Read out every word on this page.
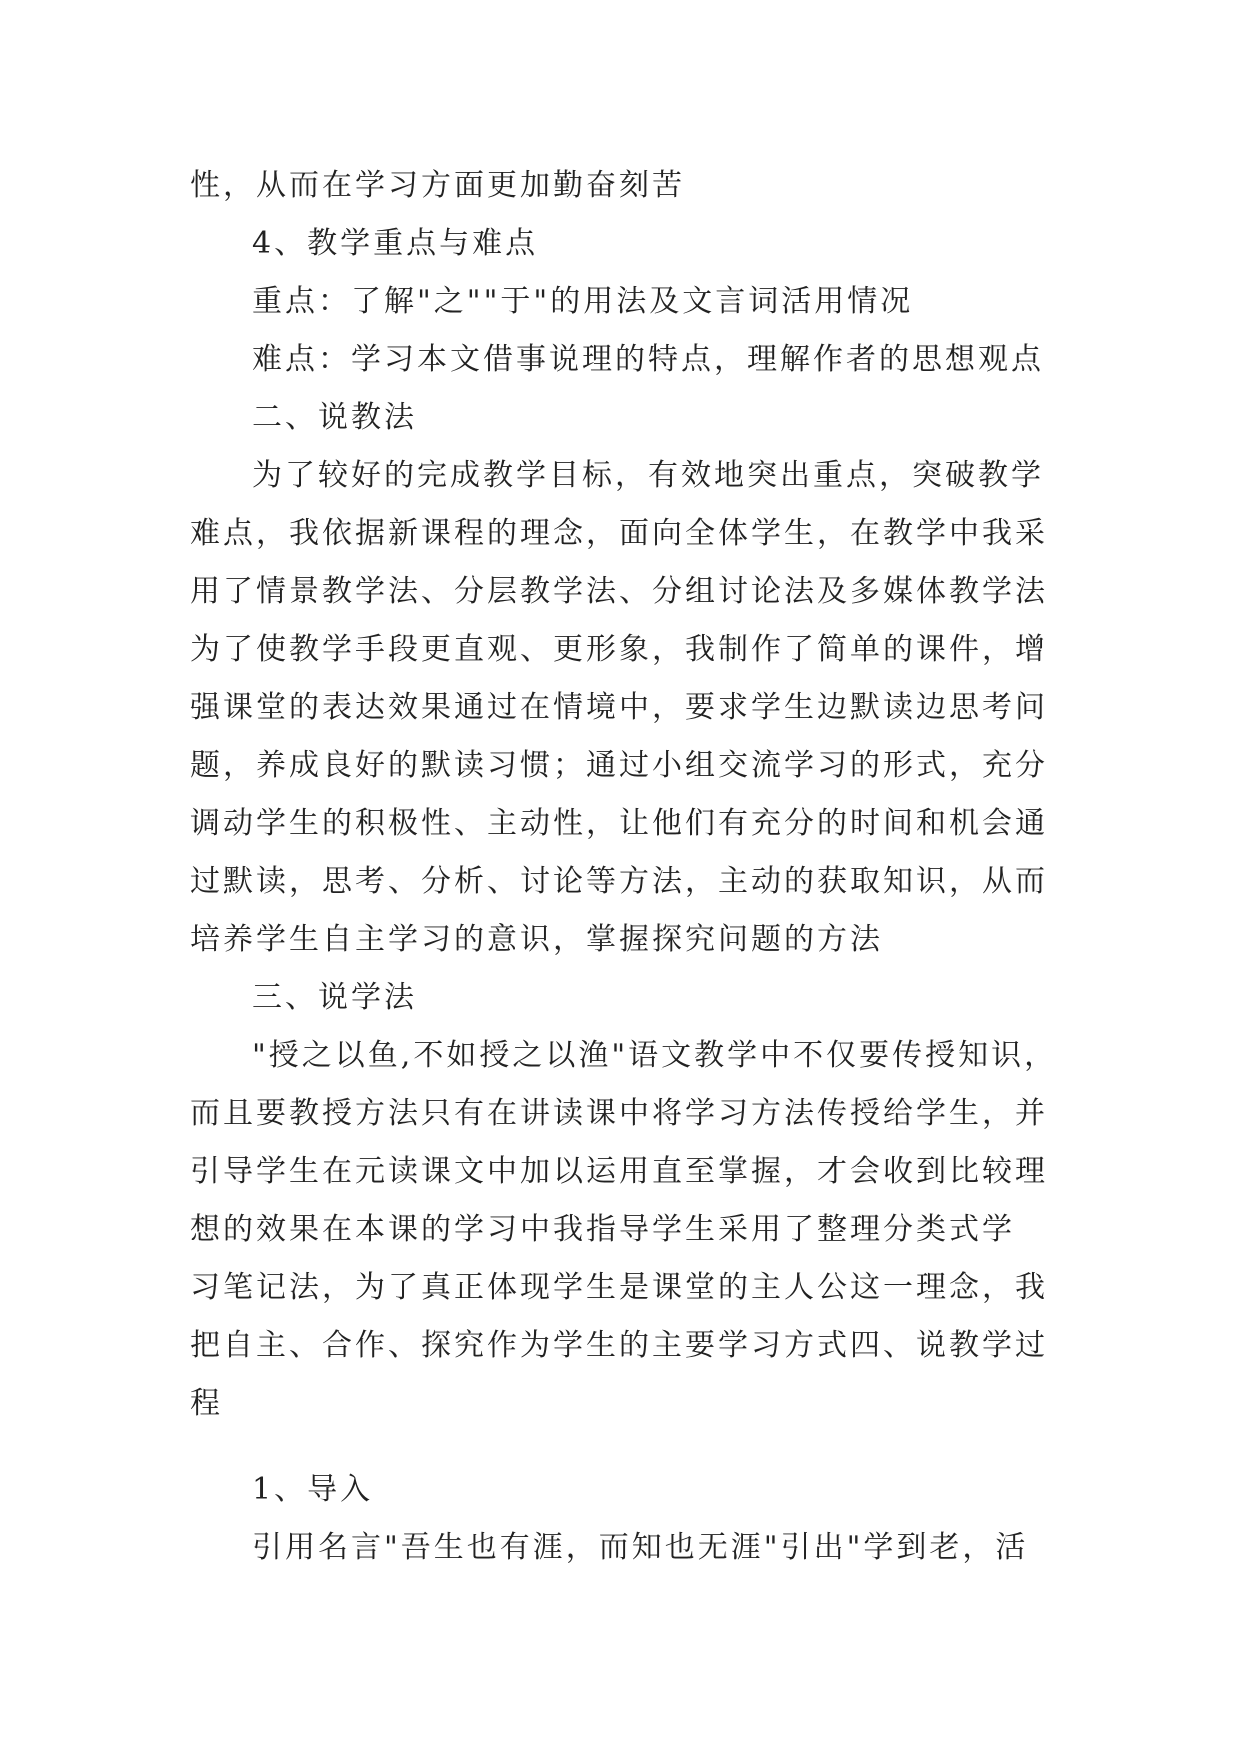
性，从而在学习方面更加勤奋刻苦
4、教学重点与难点
重点：了解"之""于"的用法及文言词活用情况
难点：学习本文借事说理的特点，理解作者的思想观点
二、说教法
为了较好的完成教学目标，有效地突出重点，突破教学
难点，我依据新课程的理念，面向全体学生，在教学中我采
用了情景教学法、分层教学法、分组讨论法及多媒体教学法
为了使教学手段更直观、更形象，我制作了简单的课件，增
强课堂的表达效果通过在情境中，要求学生边默读边思考问
题，养成良好的默读习惯；通过小组交流学习的形式，充分
调动学生的积极性、主动性，让他们有充分的时间和机会通
过默读，思考、分析、讨论等方法，主动的获取知识，从而
培养学生自主学习的意识，掌握探究问题的方法
三、说学法
"授之以鱼,不如授之以渔"语文教学中不仅要传授知识，
而且要教授方法只有在讲读课中将学习方法传授给学生，并
引导学生在元读课文中加以运用直至掌握，才会收到比较理
想的效果在本课的学习中我指导学生采用了整理分类式学
习笔记法，为了真正体现学生是课堂的主人公这一理念，我
把自主、合作、探究作为学生的主要学习方式四、说教学过
程
1、导入
引用名言"吾生也有涯，而知也无涯"引出"学到老，活
